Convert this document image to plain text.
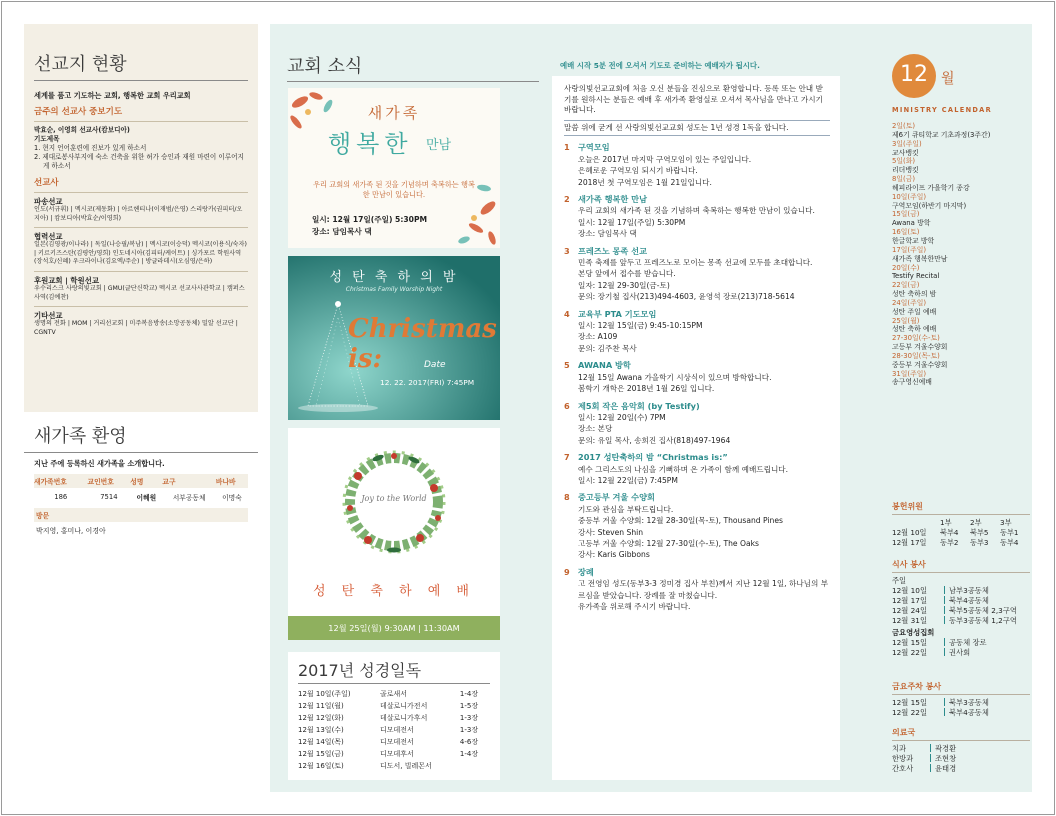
선교지 현황
세계를 품고 기도하는 교회, 행복한 교회 우리교회
금주의 선교사 중보기도
박효순, 이영희 선교사(캄보디아)
기도제목
1. 현지 언어훈련에 진보가 있게 하소서
2. 제대로봉사부지에 숙소 건축을 위한 허가 승인과 재원 마련이 이루어지게 하소서
선교사
파송선교
인도(서규휘) | 멕시코(제동화) | 아르헨티나(이재범/은영) 스리랑카(권피터/오지아) | 캄보디아(박효순/이영희)
협력선교
일본(김영광/이나라) | 독일(나승필/복남) | 멕시코(이승덕) 멕시코(이용식/숙자) | 키르키즈스탄(김평안/영희) 인도네시아(김피터/케이트) | 싱가포르 학원사역(장석호/신혜) 우크라이나(김요엑/주순) | 방글라데시(오심영/은하)
후원교회 | 학원선교
우수리스크 사랑의빛교회 | GMU(글단신학교) 멕시코 선교사사관학교 | 캠퍼스 사역(김예찬)
기타선교
생명의 전화 | MOM | 거리선교회 | 미주복음방송(소망공동체) 밀알 선교단 | CGNTV
새가족 환영
지난 주에 등록하신 새가족을 소개합니다.
새가족번호	교인번호	성명	교구	바나바
186	7514	이혜원	서부공동체	이명숙
방문
박지영, 홍미나, 이경아
교회 소식	예배 시작 5분 전에 오셔서 기도로 준비하는 예배자가 됩시다.
새가족
행복한 만남
우리 교회의 새가족 된 것을 기념하며 축복하는 행복한 만남이 있습니다.
일시: 12월 17일(주일) 5:30PM
장소: 담임목사 댁
성 탄 축 하 의 밤
Christmas Family Worship Night
Christmas is:	Date
12. 22. 2017(FRI) 7:45PM
Joy to the World
성 탄 축 하 예 배
12월 25일(월) 9:30AM | 11:30AM
2017년 성경일독
12월 10일(주일)	골로새서	1-4장
12월 11일(월)	데살로니가전서	1-5장
12월 12일(화)	데살로니가후서	1-3장
12월 13일(수)	디모데전서	1-3장
12월 14일(목)	디모데전서	4-6장
12월 15일(금)	디모데후서	1-4장
12월 16일(토)	디도서, 빌레몬서	
사랑의빛선교교회에 처음 오신 분들을 진심으로 환영합니다. 등록 또는 안내 받기를 원하시는 분들은 예배 후 새가족 환영실로 오셔서 목사님을 만나고 가시기 바랍니다.
말씀 위에 굳게 선 사랑의빛선교교회 성도는 1년 성경 1독을 합니다.
1	구역모임
오늘은 2017년 마지막 구역모임이 있는 주일입니다.
은혜로운 구역모임 되시기 바랍니다.
2018년 첫 구역모임은 1월 21일입니다.
2	새가족 행복한 만남
우리 교회의 새가족 된 것을 기념하며 축복하는 행복한 만남이 있습니다.
일시: 12월 17일(주일) 5:30PM
장소: 담임목사 댁
3	프레즈노 몽족 선교
민족 축제를 앞두고 프레즈노로 모이는 몽족 선교에 모두를 초대합니다.
본당 앞에서 접수를 받습니다.
일자: 12월 29-30일(금-토)
문의: 장기철 집사(213)494-4603, 윤영석 장로(213)718-5614
4	교육부 PTA 기도모임
일시: 12월 15일(금) 9:45-10:15PM
장소: A109
문의: 김주찬 목사
5	AWANA 방학
12월 15일 Awana 가을학기 시상식이 있으며 방학합니다.
봄학기 개학은 2018년 1월 26일 입니다.
6	제5회 작은 음악회 (by Testify)
일시: 12월 20일(수) 7PM
장소: 본당
문의: 유일 목사, 송희진 집사(818)497-1964
7	2017 성탄축하의 밤 “Christmas is:”
예수 그리스도의 나심을 기뻐하며 온 가족이 함께 예배드립니다.
일시: 12월 22일(금) 7:45PM
8	중고등부 겨울 수양회
기도와 관심을 부탁드립니다.
중등부 겨울 수양회: 12월 28-30일(목-토), Thousand Pines
강사: Steven Shin
고등부 겨울 수양회: 12월 27-30일(수-토), The Oaks
강사: Karis Gibbons
9	장례
고 전영임 성도(동부3-3 정미경 집사 부친)께서 지난 12월 1일, 하나님의 부르심을 받았습니다. 장례를 잘 마쳤습니다.
유가족을 위로해 주시기 바랍니다.
12 월
MINISTRY CALENDAR
2일(토)
제6기 큐티학교 기초과정(3주간)
3일(주일)
교사뱅킷
5일(화)
리더뱅킷
8일(금)
헤피라이프 가을학기 종강
10일(주일)
구역모임(하반기 마지막)
15일(금)
Awana 방학
16일(토)
한글학교 방학
17일(주일)
새가족 행복한만남
20일(수)
Testify Recital
22일(금)
성탄 축하의 밤
24일(주일)
성탄 주일 예배
25일(월)
성탄 축하 예배
27-30일(수-토)
고등부 겨울수양회
28-30일(목-토)
중등부 겨울수양회
31일(주일)
송구영신예배
봉헌위원
	1부	2부	3부
12월 10일	북부4	북부5	동부1
12월 17일	동부2	동부3	동부4
식사 봉사
주일
12월 10일	남부3공동체
12월 17일	북부4공동체
12월 24일	북부5공동체 2,3구역
12월 31일	동부3공동체 1,2구역
금요영성집회
12월 15일	공동체 장로
12월 22일	권사회
금요주차 봉사
12월 15일	북부3공동체
12월 22일	북부4공동체
의료국
치과	곽경환
한방과	조현창
간호사	윤태경
